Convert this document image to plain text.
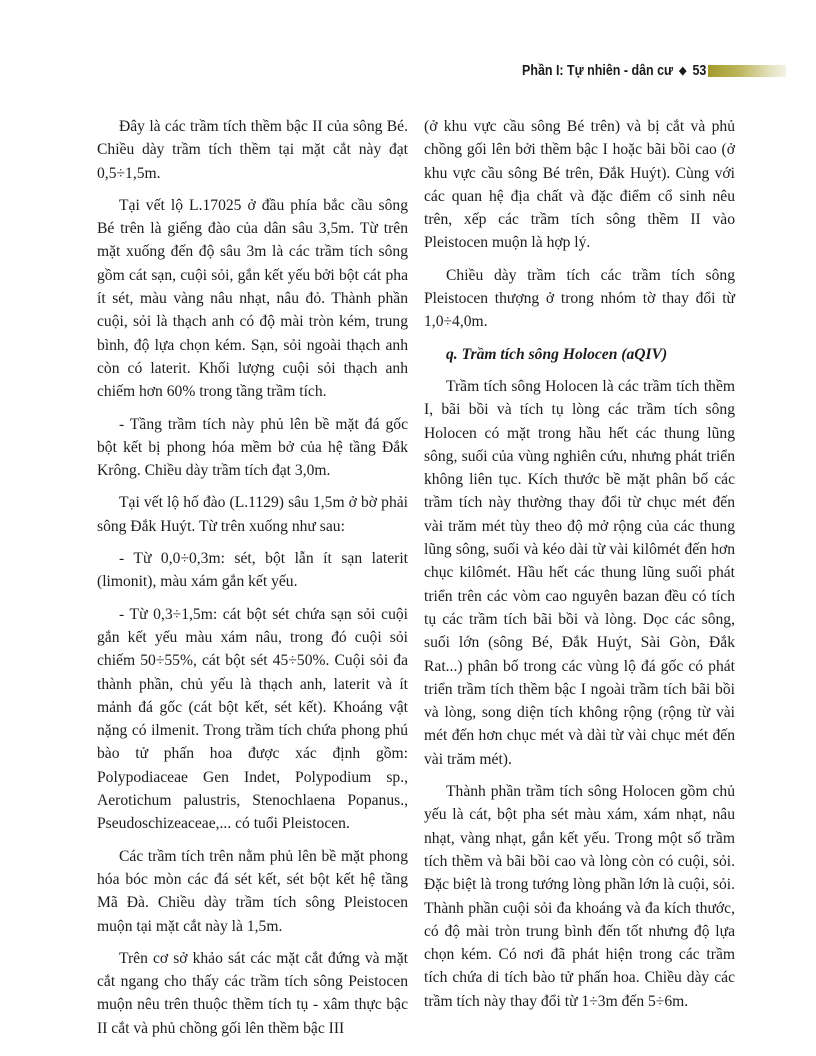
Phần I: Tự nhiên - dân cư ◆ 53

Đây là các trầm tích thềm bậc II của sông Bé. Chiều dày trầm tích thềm tại mặt cắt này đạt 0,5÷1,5m.

Tại vết lộ L.17025 ở đầu phía bắc cầu sông Bé trên là giếng đào của dân sâu 3,5m. Từ trên mặt xuống đến độ sâu 3m là các trầm tích sông gồm cát sạn, cuội sỏi, gắn kết yếu bởi bột cát pha ít sét, màu vàng nâu nhạt, nâu đỏ. Thành phần cuội, sỏi là thạch anh có độ mài tròn kém, trung bình, độ lựa chọn kém. Sạn, sỏi ngoài thạch anh còn có laterit. Khối lượng cuội sỏi thạch anh chiếm hơn 60% trong tầng trầm tích.

- Tầng trầm tích này phủ lên bề mặt đá gốc bột kết bị phong hóa mềm bở của hệ tầng Đắk Krông. Chiều dày trầm tích đạt 3,0m.

Tại vết lộ hố đào (L.1129) sâu 1,5m ở bờ phải sông Đắk Huýt. Từ trên xuống như sau:

- Từ 0,0÷0,3m: sét, bột lẫn ít sạn laterit (limonit), màu xám gắn kết yếu.

- Từ 0,3÷1,5m: cát bột sét chứa sạn sỏi cuội gắn kết yếu màu xám nâu, trong đó cuội sỏi chiếm 50÷55%, cát bột sét 45÷50%. Cuội sỏi đa thành phần, chủ yếu là thạch anh, laterit và ít mảnh đá gốc (cát bột kết, sét kết). Khoáng vật nặng có ilmenit. Trong trầm tích chứa phong phú bào tử phấn hoa được xác định gồm: Polypodiaceae Gen Indet, Polypodium sp., Aerotichum palustris, Stenochlaena Popanus., Pseudoschizeaceae,... có tuổi Pleistocen.

Các trầm tích trên nằm phủ lên bề mặt phong hóa bóc mòn các đá sét kết, sét bột kết hệ tầng Mã Đà. Chiều dày trầm tích sông Pleistocen muộn tại mặt cắt này là 1,5m.

Trên cơ sở khảo sát các mặt cắt đứng và mặt cắt ngang cho thấy các trầm tích sông Peistocen muộn nêu trên thuộc thềm tích tụ - xâm thực bậc II cắt và phủ chồng gối lên thềm bậc III

(ở khu vực cầu sông Bé trên) và bị cắt và phủ chồng gối lên bởi thềm bậc I hoặc bãi bồi cao (ở khu vực cầu sông Bé trên, Đắk Huýt). Cùng với các quan hệ địa chất và đặc điểm cổ sinh nêu trên, xếp các trầm tích sông thềm II vào Pleistocen muộn là hợp lý.

Chiều dày trầm tích các trầm tích sông Pleistocen thượng ở trong nhóm tờ thay đổi từ 1,0÷4,0m.

q. Trầm tích sông Holocen (aQIV)

Trầm tích sông Holocen là các trầm tích thềm I, bãi bồi và tích tụ lòng các trầm tích sông Holocen có mặt trong hầu hết các thung lũng sông, suối của vùng nghiên cứu, nhưng phát triển không liên tục. Kích thước bề mặt phân bố các trầm tích này thường thay đổi từ chục mét đến vài trăm mét tùy theo độ mở rộng của các thung lũng sông, suối và kéo dài từ vài kilômét đến hơn chục kilômét. Hầu hết các thung lũng suối phát triển trên các vòm cao nguyên bazan đều có tích tụ các trầm tích bãi bồi và lòng. Dọc các sông, suối lớn (sông Bé, Đắk Huýt, Sài Gòn, Đắk Rat...) phân bố trong các vùng lộ đá gốc có phát triển trầm tích thềm bậc I ngoài trầm tích bãi bồi và lòng, song diện tích không rộng (rộng từ vài mét đến hơn chục mét và dài từ vài chục mét đến vài trăm mét).

Thành phần trầm tích sông Holocen gồm chủ yếu là cát, bột pha sét màu xám, xám nhạt, nâu nhạt, vàng nhạt, gắn kết yếu. Trong một số trầm tích thềm và bãi bồi cao và lòng còn có cuội, sỏi. Đặc biệt là trong tướng lòng phần lớn là cuội, sỏi. Thành phần cuội sỏi đa khoáng và đa kích thước, có độ mài tròn trung bình đến tốt nhưng độ lựa chọn kém. Có nơi đã phát hiện trong các trầm tích chứa di tích bào tử phấn hoa. Chiều dày các trầm tích này thay đổi từ 1÷3m đến 5÷6m.
